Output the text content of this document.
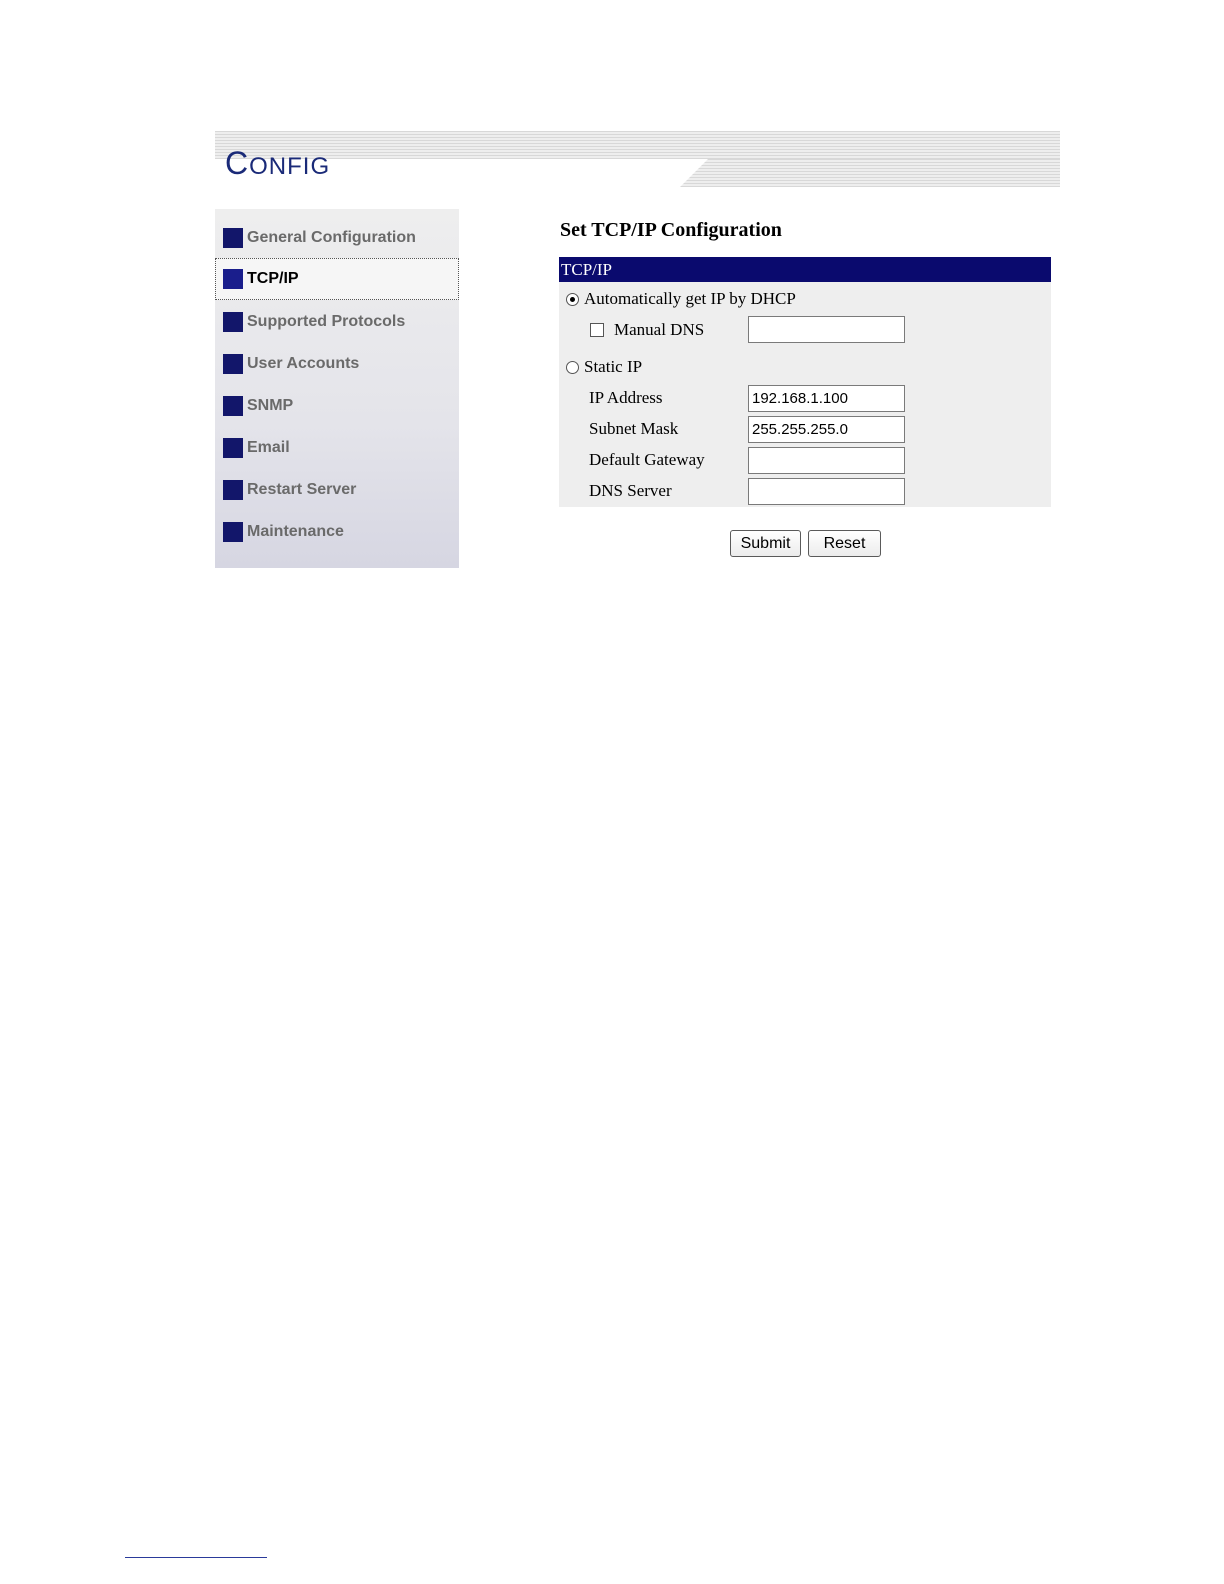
CONFIG
General Configuration
TCP/IP
Supported Protocols
User Accounts
SNMP
Email
Restart Server
Maintenance
Set TCP/IP Configuration
TCP/IP
Automatically get IP by DHCP
Manual DNS
Static IP
IP Address
192.168.1.100
Subnet Mask
255.255.255.0
Default Gateway
DNS Server
Submit	Reset
